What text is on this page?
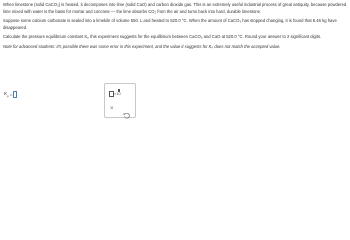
When limestone (solid CaCO₃) is heated, it decomposes into lime (solid CaO) and carbon dioxide gas. This is an extremely useful industrial process of great antiquity, because powdered lime mixed with water is the basis for mortar and concrete — the lime absorbs CO₂ from the air and turns back into hard, durable limestone.

Suppose some calcium carbonate is sealed into a limekiln of volume 550. L and heated to 520.0 °C. When the amount of CaCO₃ has stopped changing, it is found that 8.46 kg have disappeared.

Calculate the pressure equilibrium constant Kₚ this experiment suggests for the equilibrium between CaCO₃ and CaO at 520.0 °C. Round your answer to 2 significant digits.

Note for advanced students: it's possible there was some error in this experiment, and the value it suggests for Kₚ does not match the accepted value.

$K_p$ =	×10
×
